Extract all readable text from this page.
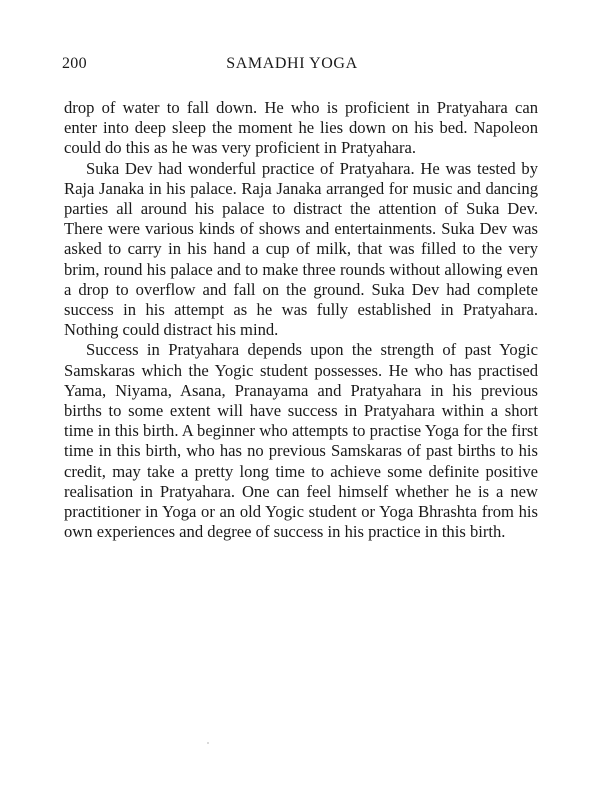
200	SAMADHI YOGA

drop of water to fall down. He who is proficient in Pratyahara can enter into deep sleep the moment he lies down on his bed. Napoleon could do this as he was very proficient in Pratyahara.

Suka Dev had wonderful practice of Pratyahara. He was tested by Raja Janaka in his palace. Raja Janaka arranged for music and dancing parties all around his palace to distract the attention of Suka Dev. There were various kinds of shows and entertainments. Suka Dev was asked to carry in his hand a cup of milk, that was filled to the very brim, round his palace and to make three rounds without allowing even a drop to overflow and fall on the ground. Suka Dev had complete success in his attempt as he was fully established in Pratyahara. Nothing could distract his mind.

Success in Pratyahara depends upon the strength of past Yogic Samskaras which the Yogic student possesses. He who has practised Yama, Niyama, Asana, Pranayama and Pratyahara in his previous births to some extent will have success in Pratyahara within a short time in this birth. A beginner who attempts to practise Yoga for the first time in this birth, who has no previous Samskaras of past births to his credit, may take a pretty long time to achieve some definite positive realisation in Pratyahara. One can feel himself whether he is a new practitioner in Yoga or an old Yogic student or Yoga Bhrashta from his own experiences and degree of success in his practice in this birth.
